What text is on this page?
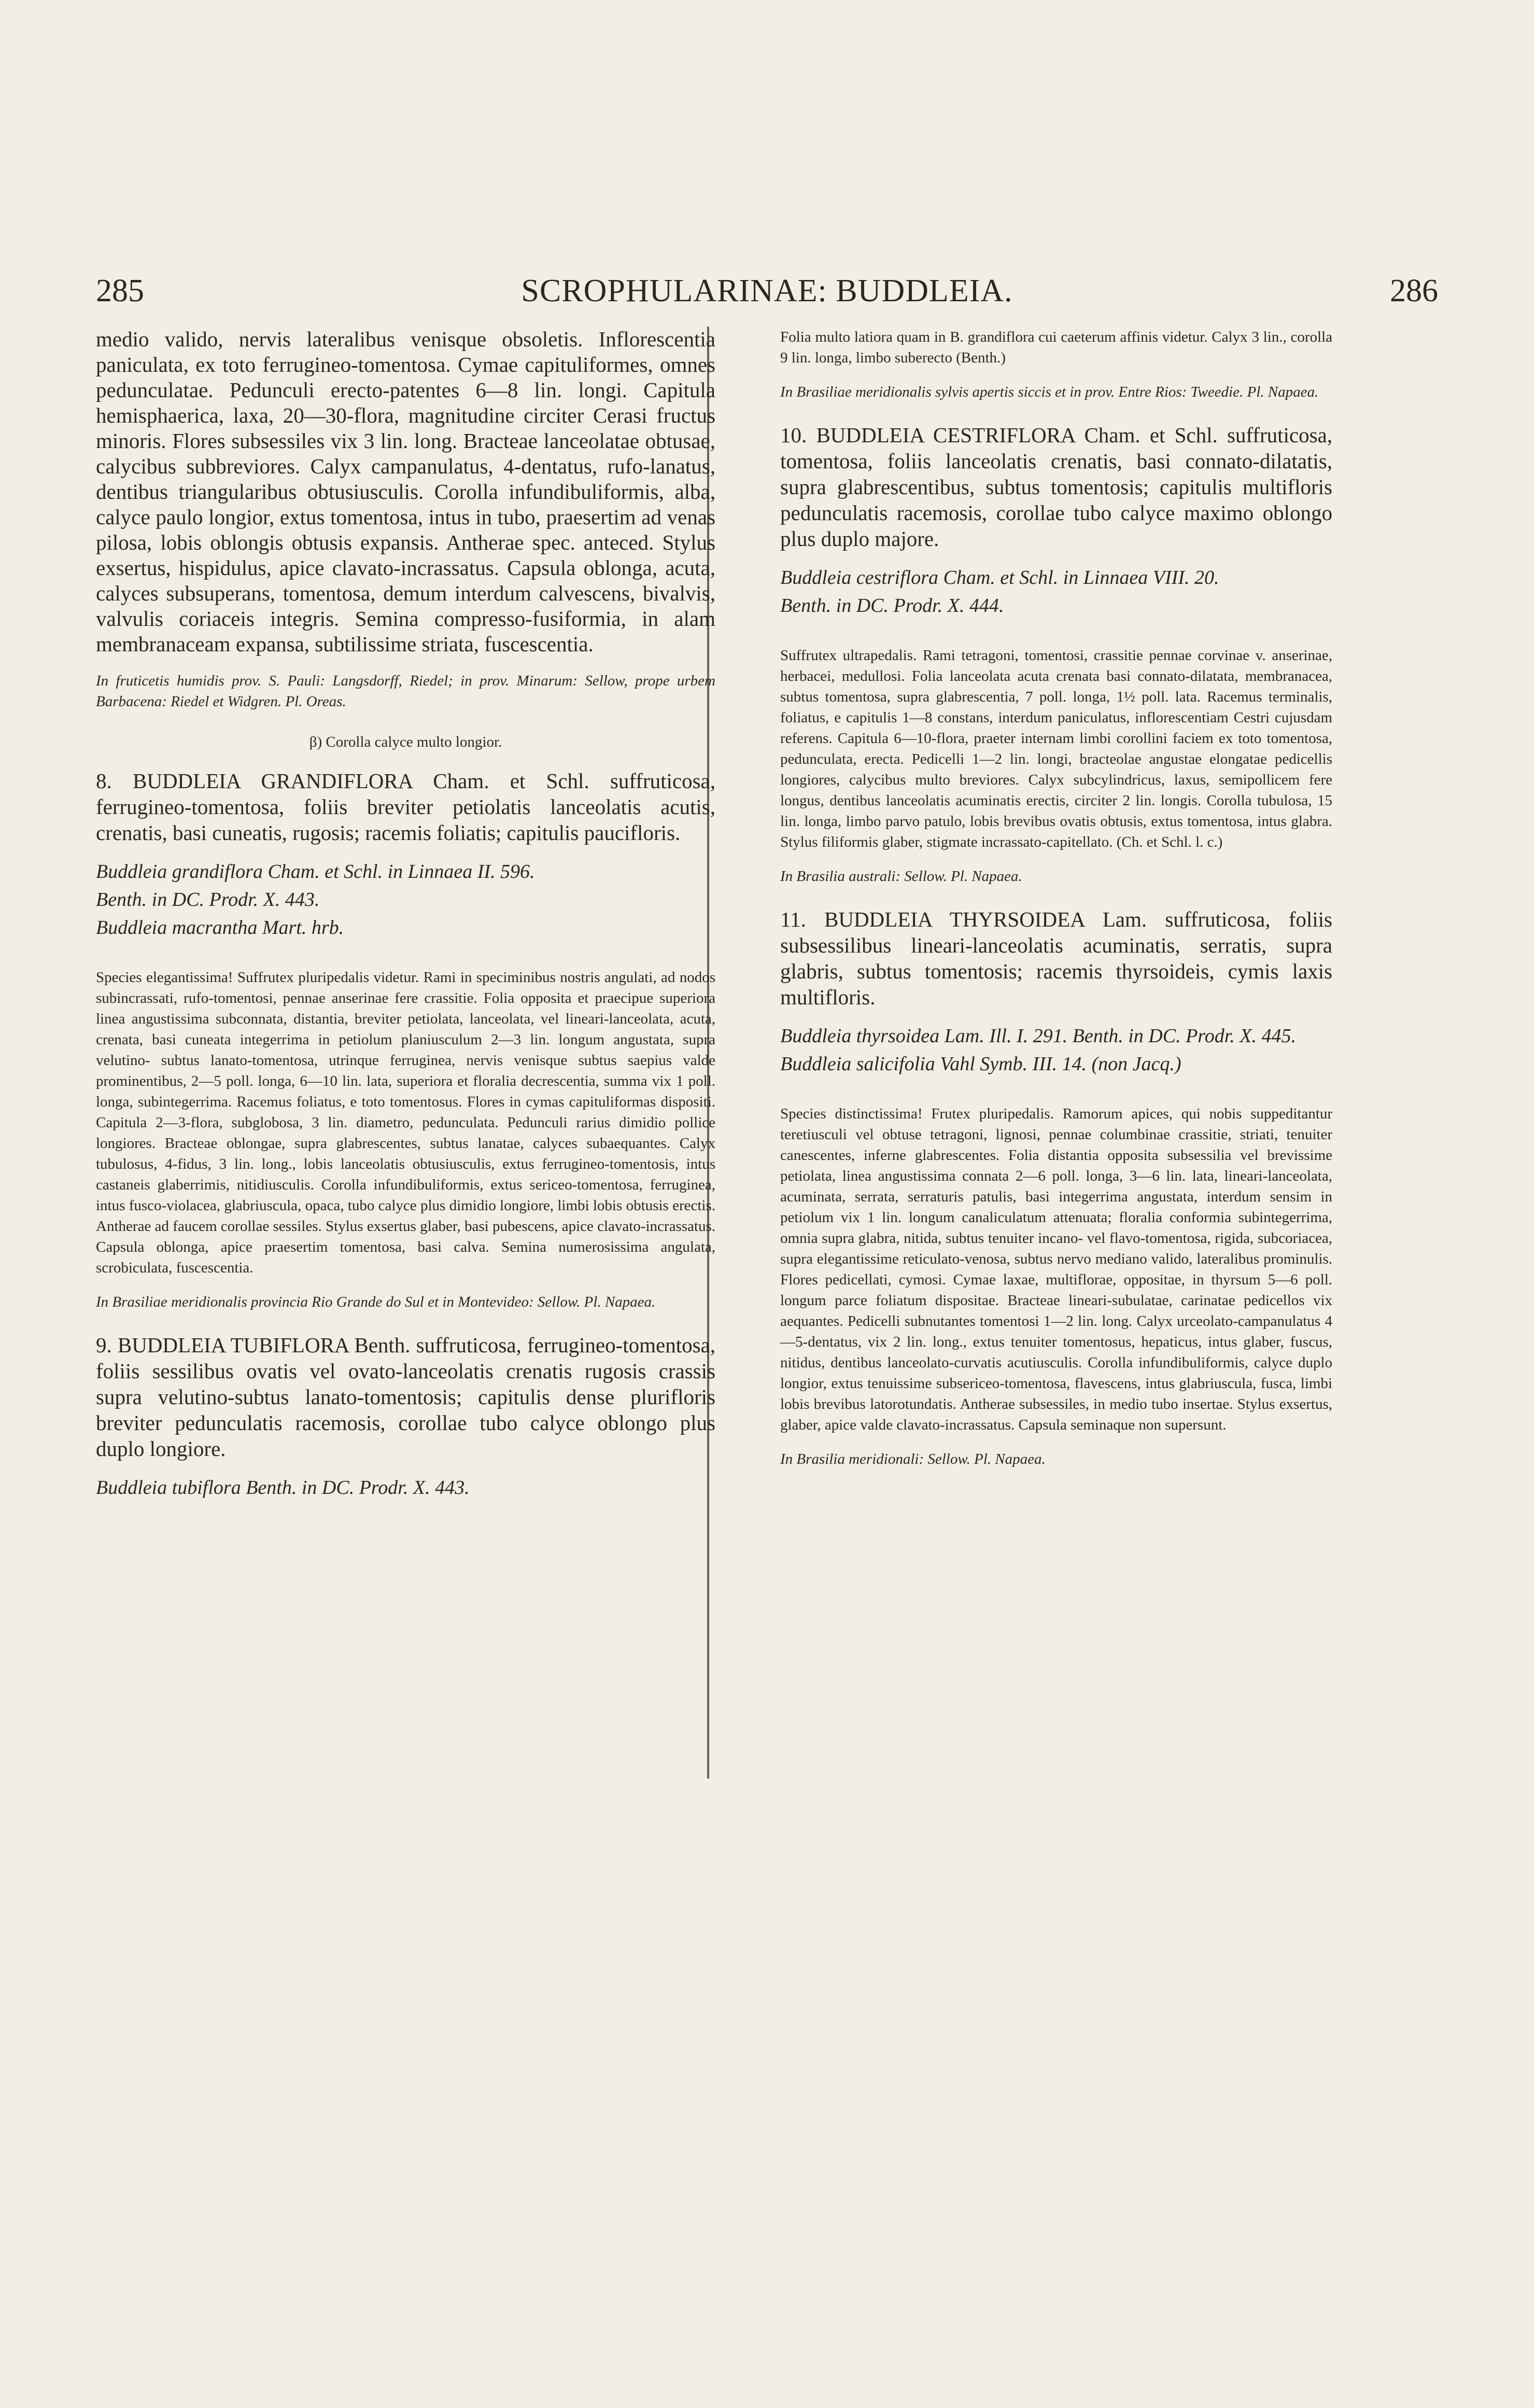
285	SCROPHULARINAE: BUDDLEIA.	286

medio valido, nervis lateralibus venisque obsoletis. Inflorescentia paniculata, ex toto ferrugineo-tomentosa. Cymae capituliformes, omnes pedunculatae. Pedunculi erecto-patentes 6—8 lin. longi. Capitula hemisphaerica, laxa, 20—30-flora, magnitudine circiter Cerasi fructus minoris. Flores subsessiles vix 3 lin. long. Bracteae lanceolatae obtusae, calycibus subbreviores. Calyx campanulatus, 4-dentatus, rufo-lanatus, dentibus triangularibus obtusiusculis. Corolla infundibuliformis, alba, calyce paulo longior, extus tomentosa, intus in tubo, praesertim ad venas pilosa, lobis oblongis obtusis expansis. Antherae spec. anteced. Stylus exsertus, hispidulus, apice clavato-incrassatus. Capsula oblonga, acuta, calyces subsuperans, tomentosa, demum interdum calvescens, bivalvis, valvulis coriaceis integris. Semina compresso-fusiformia, in alam membranaceam expansa, subtilissime striata, fuscescentia.

In fruticetis humidis prov. S. Pauli: Langsdorff, Riedel; in prov. Minarum: Sellow, prope urbem Barbacena: Riedel et Widgren. Pl. Oreas.

β) Corolla calyce multo longior.

8. BUDDLEIA GRANDIFLORA Cham. et Schl. suffruticosa, ferrugineo-tomentosa, foliis breviter petiolatis lanceolatis acutis, crenatis, basi cuneatis, rugosis; racemis foliatis; capitulis paucifloris.

Buddleia grandiflora Cham. et Schl. in Linnaea II. 596.

Benth. in DC. Prodr. X. 443.

Buddleia macrantha Mart. hrb.

Species elegantissima! Suffrutex pluripedalis videtur. Rami in speciminibus nostris angulati, ad nodos subincrassati, rufo-tomentosi, pennae anserinae fere crassitie. Folia opposita et praecipue superiora linea angustissima subconnata, distantia, breviter petiolata, lanceolata, vel lineari-lanceolata, acuta, crenata, basi cuneata integerrima in petiolum planiusculum 2—3 lin. longum angustata, supra velutino- subtus lanato-tomentosa, utrinque ferruginea, nervis venisque subtus saepius valde prominentibus, 2—5 poll. longa, 6—10 lin. lata, superiora et floralia decrescentia, summa vix 1 poll. longa, subintegerrima. Racemus foliatus, e toto tomentosus. Flores in cymas capituliformas dispositi. Capitula 2—3-flora, subglobosa, 3 lin. diametro, pedunculata. Pedunculi rarius dimidio pollice longiores. Bracteae oblongae, supra glabrescentes, subtus lanatae, calyces subaequantes. Calyx tubulosus, 4-fidus, 3 lin. long., lobis lanceolatis obtusiusculis, extus ferrugineo-tomentosis, intus castaneis glaberrimis, nitidiusculis. Corolla infundibuliformis, extus sericeo-tomentosa, ferruginea, intus fusco-violacea, glabriuscula, opaca, tubo calyce plus dimidio longiore, limbi lobis obtusis erectis. Antherae ad faucem corollae sessiles. Stylus exsertus glaber, basi pubescens, apice clavato-incrassatus. Capsula oblonga, apice praesertim tomentosa, basi calva. Semina numerosissima angulata, scrobiculata, fuscescentia.

In Brasiliae meridionalis provincia Rio Grande do Sul et in Montevideo: Sellow. Pl. Napaea.

9. BUDDLEIA TUBIFLORA Benth. suffruticosa, ferrugineo-tomentosa, foliis sessilibus ovatis vel ovato-lanceolatis crenatis rugosis crassis supra velutino-subtus lanato-tomentosis; capitulis dense plurifloris breviter pedunculatis racemosis, corollae tubo calyce oblongo plus duplo longiore.

Buddleia tubiflora Benth. in DC. Prodr. X. 443.

Folia multo latiora quam in B. grandiflora cui caeterum affinis videtur. Calyx 3 lin., corolla 9 lin. longa, limbo suberecto (Benth.)

In Brasiliae meridionalis sylvis apertis siccis et in prov. Entre Rios: Tweedie. Pl. Napaea.

10. BUDDLEIA CESTRIFLORA Cham. et Schl. suffruticosa, tomentosa, foliis lanceolatis crenatis, basi connato-dilatatis, supra glabrescentibus, subtus tomentosis; capitulis multifloris pedunculatis racemosis, corollae tubo calyce maximo oblongo plus duplo majore.

Buddleia cestriflora Cham. et Schl. in Linnaea VIII. 20.

Benth. in DC. Prodr. X. 444.

Suffrutex ultrapedalis. Rami tetragoni, tomentosi, crassitie pennae corvinae v. anserinae, herbacei, medullosi. Folia lanceolata acuta crenata basi connato-dilatata, membranacea, subtus tomentosa, supra glabrescentia, 7 poll. longa, 1½ poll. lata. Racemus terminalis, foliatus, e capitulis 1—8 constans, interdum paniculatus, inflorescentiam Cestri cujusdam referens. Capitula 6—10-flora, praeter internam limbi corollini faciem ex toto tomentosa, pedunculata, erecta. Pedicelli 1—2 lin. longi, bracteolae angustae elongatae pedicellis longiores, calycibus multo breviores. Calyx subcylindricus, laxus, semipollicem fere longus, dentibus lanceolatis acuminatis erectis, circiter 2 lin. longis. Corolla tubulosa, 15 lin. longa, limbo parvo patulo, lobis brevibus ovatis obtusis, extus tomentosa, intus glabra. Stylus filiformis glaber, stigmate incrassato-capitellato. (Ch. et Schl. l. c.)

In Brasilia australi: Sellow. Pl. Napaea.

11. BUDDLEIA THYRSOIDEA Lam. suffruticosa, foliis subsessilibus lineari-lanceolatis acuminatis, serratis, supra glabris, subtus tomentosis; racemis thyrsoideis, cymis laxis multifloris.

Buddleia thyrsoidea Lam. Ill. I. 291. Benth. in DC. Prodr. X. 445.

Buddleia salicifolia Vahl Symb. III. 14. (non Jacq.)

Species distinctissima! Frutex pluripedalis. Ramorum apices, qui nobis suppeditantur teretiusculi vel obtuse tetragoni, lignosi, pennae columbinae crassitie, striati, tenuiter canescentes, inferne glabrescentes. Folia distantia opposita subsessilia vel brevissime petiolata, linea angustissima connata 2—6 poll. longa, 3—6 lin. lata, lineari-lanceolata, acuminata, serrata, serraturis patulis, basi integerrima angustata, interdum sensim in petiolum vix 1 lin. longum canaliculatum attenuata; floralia conformia subintegerrima, omnia supra glabra, nitida, subtus tenuiter incano- vel flavo-tomentosa, rigida, subcoriacea, supra elegantissime reticulato-venosa, subtus nervo mediano valido, lateralibus prominulis. Flores pedicellati, cymosi. Cymae laxae, multiflorae, oppositae, in thyrsum 5—6 poll. longum parce foliatum dispositae. Bracteae lineari-subulatae, carinatae pedicellos vix aequantes. Pedicelli subnutantes tomentosi 1—2 lin. long. Calyx urceolato-campanulatus 4—5-dentatus, vix 2 lin. long., extus tenuiter tomentosus, hepaticus, intus glaber, fuscus, nitidus, dentibus lanceolato-curvatis acutiusculis. Corolla infundibuliformis, calyce duplo longior, extus tenuissime subsericeo-tomentosa, flavescens, intus glabriuscula, fusca, limbi lobis brevibus latorotundatis. Antherae subsessiles, in medio tubo insertae. Stylus exsertus, glaber, apice valde clavato-incrassatus. Capsula seminaque non supersunt.

In Brasilia meridionali: Sellow. Pl. Napaea.
